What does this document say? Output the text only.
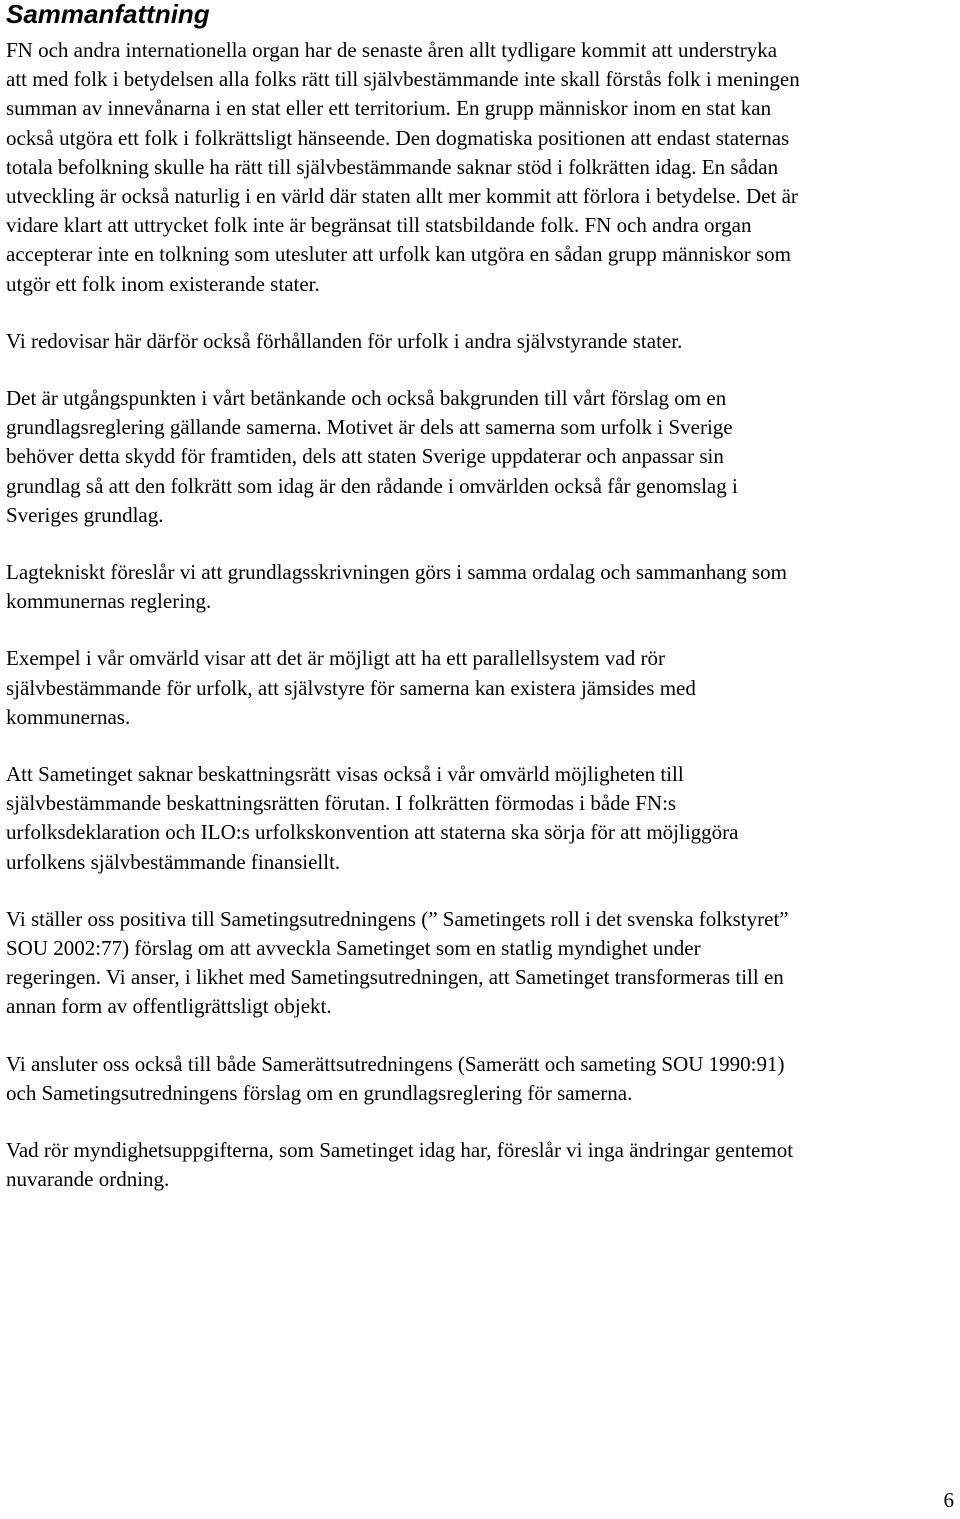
Sammanfattning

FN och andra internationella organ har de senaste åren allt tydligare kommit att understryka
att med folk i betydelsen alla folks rätt till självbestämmande inte skall förstås folk i meningen
summan av innevånarna i en stat eller ett territorium. En grupp människor inom en stat kan
också utgöra ett folk i folkrättsligt hänseende. Den dogmatiska positionen att endast staternas
totala befolkning skulle ha rätt till självbestämmande saknar stöd i folkrätten idag. En sådan
utveckling är också naturlig i en värld där staten allt mer kommit att förlora i betydelse. Det är
vidare klart att uttrycket folk inte är begränsat till statsbildande folk. FN och andra organ
accepterar inte en tolkning som utesluter att urfolk kan utgöra en sådan grupp människor som
utgör ett folk inom existerande stater.

Vi redovisar här därför också förhållanden för urfolk i andra självstyrande stater.

Det är utgångspunkten i vårt betänkande och också bakgrunden till vårt förslag om en
grundlagsreglering gällande samerna. Motivet är dels att samerna som urfolk i Sverige
behöver detta skydd för framtiden, dels att staten Sverige uppdaterar och anpassar sin
grundlag så att den folkrätt som idag är den rådande i omvärlden också får genomslag i
Sveriges grundlag.

Lagtekniskt föreslår vi att grundlagsskrivningen görs i samma ordalag och sammanhang som
kommunernas reglering.

Exempel i vår omvärld visar att det är möjligt att ha ett parallellsystem vad rör
självbestämmande för urfolk, att självstyre för samerna kan existera jämsides med
kommunernas.

Att Sametinget saknar beskattningsrätt visas också i vår omvärld möjligheten till
självbestämmande beskattningsrätten förutan. I folkrätten förmodas i både FN:s
urfolksdeklaration och ILO:s urfolkskonvention att staterna ska sörja för att möjliggöra
urfolkens självbestämmande finansiellt.

Vi ställer oss positiva till Sametingsutredningens (” Sametingets roll i det svenska folkstyret”
SOU 2002:77) förslag om att avveckla Sametinget som en statlig myndighet under
regeringen. Vi anser, i likhet med Sametingsutredningen, att Sametinget transformeras till en
annan form av offentligrättsligt objekt.

Vi ansluter oss också till både Samerättsutredningens (Samerätt och sameting SOU 1990:91)
och Sametingsutredningens förslag om en grundlagsreglering för samerna.

Vad rör myndighetsuppgifterna, som Sametinget idag har, föreslår vi inga ändringar gentemot
nuvarande ordning.

6
